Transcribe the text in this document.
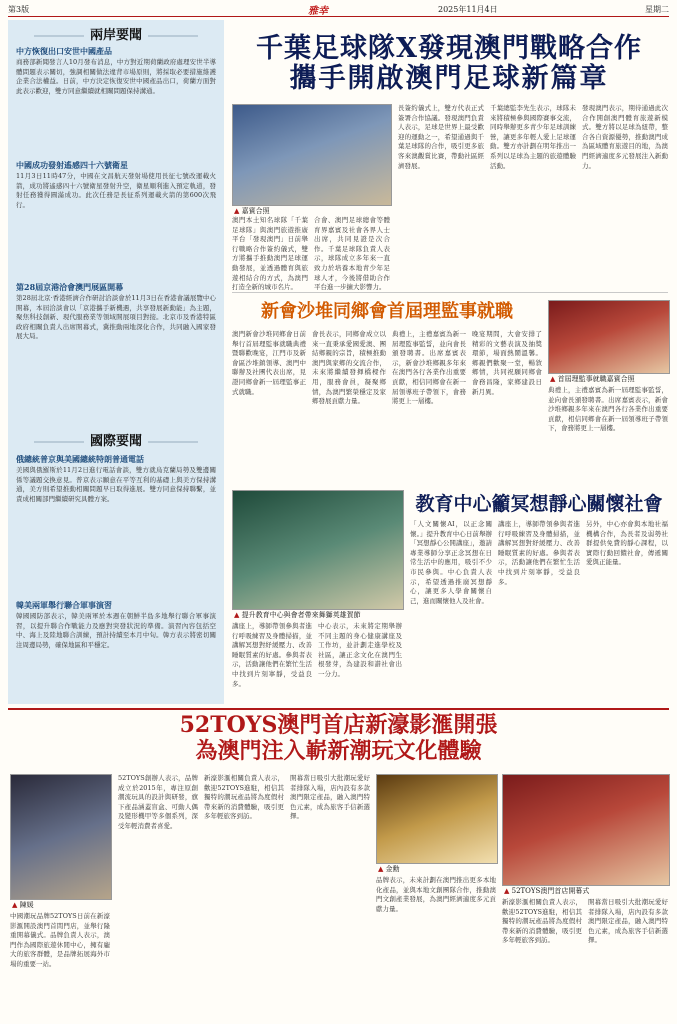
第3版	雅幸	2025年11月4日	星期二
兩岸要聞
中方恢復出口安世中國產品
商務部新聞發言人10月發布消息，中方對近期荷蘭政府處理安世半導體問題表示關切，強調相關做法違背市場原則，將採取必要措施維護企業合法權益。日前，中方決定恢復安世中國產品出口，荷蘭方面對此表示歡迎，雙方同意繼續就相關問題保持溝通。
中國成功發射遙感四十六號衛星
11月3日11時47分，中國在文昌航天發射場使用長征七號改運載火箭，成功將遙感四十六號衛星發射升空，衛星順利進入預定軌道，發射任務獲得圓滿成功。此次任務是長征系列運載火箭的第600次飛行。
第28屆京港洽會澳門展區開幕
第28屆北京·香港經濟合作研討洽談會於11月3日在香港會議展覽中心開幕，本屆洽談會以「京港攜手新機遇，共享發展新動能」為主題，聚焦科技創新、現代服務業等領域開展項目對接。北京市及香港特區政府相關負責人出席開幕式，冀推動兩地深化合作，共同融入國家發展大局。
國際要聞
俄總統普京與美國總統特朗普通電話
美國與俄羅斯於11月2日進行電話會談，雙方就烏克蘭局勢及雙邊關係等議題交換意見。普京表示願意在平等互利的基礎上與美方保持溝通，美方則希望推動相關問題早日取得進展。雙方同意保持聯繫，並責成相關部門繼續研究具體方案。
韓美兩軍舉行聯合軍事演習
韓國國防部表示，韓美兩軍於本週在朝鮮半島多地舉行聯合軍事演習，以提升聯合作戰能力及應對突發狀況的準備。演習內容包括空中、海上及陸地聯合訓練，預計持續至本月中旬。韓方表示將密切關注周邊局勢，確保地區和平穩定。
千葉足球隊X發現澳門戰略合作
攜手開啟澳門足球新篇章
▲ 嘉賓合照
澳門本土知名球隊「千葉足球隊」與澳門旅遊推廣平台「發現澳門」日前舉行戰略合作簽約儀式，雙方將攜手推動澳門足球運動發展，並透過體育與旅遊相結合的方式，為澳門打造全新的城市名片。
合會、澳門足球總會等體育界嘉賓及社會各界人士出席，共同見證是次合作。千葉足球隊負責人表示，球隊成立多年來一直致力於培養本地青少年足球人才，今後將借助合作平台進一步擴大影響力。
長簽約儀式上，雙方代表正式簽署合作協議。發現澳門負責人表示，足球是世界上最受歡迎的運動之一，希望通過與千葉足球隊的合作，吸引更多旅客來澳觀賞比賽，帶動社區經濟發展。
千葉總監李先生表示，球隊未來將積極參與國際賽事交流，同時舉辦更多青少年足球訓練營，讓更多年輕人愛上足球運動。雙方亦計劃在明年推出一系列以足球為主題的旅遊體驗活動。
發現澳門表示，期待通過此次合作開創澳門體育旅遊新模式。雙方將以足球為紐帶，整合各自資源優勢，推動澳門成為區域體育旅遊目的地，為澳門經濟適度多元發展注入新動力。
新會沙堆同鄉會首屆理監事就職
▲ 首屆理監事就職嘉賓合照
澳門新會沙堆同鄉會日前舉行首屆理監事就職典禮暨聯歡晚宴，江門市及新會區沙堆鎮領導、澳門中聯辦及社團代表出席，見證同鄉會新一屆理監事正式就職。
會長表示，同鄉會成立以來一直秉承愛國愛澳、團結鄉親的宗旨，積極推動澳門與家鄉的交流合作，未來將繼續發揮橋樑作用，服務會員，凝聚鄉情，為澳門繁榮穩定及家鄉發展貢獻力量。
典禮上，主禮嘉賓為新一屆理監事監誓，並向會長頒發聘書。出席嘉賓表示，新會沙堆鄉親多年來在澳門各行各業作出重要貢獻，相信同鄉會在新一屆領導班子帶領下，會務將更上一層樓。
晚宴期間，大會安排了精彩的文藝表演及抽獎環節，場面熱鬧溫馨。鄉親們歡聚一堂，暢敘鄉情，共同祝願同鄉會會務昌隆，家鄉建設日新月異。	典禮上，主禮嘉賓為新一屆理監事監誓，並向會長頒發聘書。出席嘉賓表示，新會沙堆鄉親多年來在澳門各行各業作出重要貢獻，相信同鄉會在新一屆領導班子帶領下，會務將更上一層樓。
▲ 提升教育中心與會者帶來舞獅英雄賀節
講座上，導師帶領參與者進行呼吸練習及身體掃描，並講解冥想對紓緩壓力、改善睡眠質素的好處。參與者表示，活動讓他們在繁忙生活中找到片刻寧靜，受益良多。
中心表示，未來將定期舉辦不同主題的身心健康講座及工作坊，並計劃走進學校及社區，讓正念文化在澳門生根發芽，為建設和諧社會出一分力。
教育中心籲冥想靜心關懷社會
「人文關懷AI，以正念關懷。」提升教育中心日前舉辦「冥想靜心公開講座」，邀請專業導師分享正念冥想在日常生活中的應用，吸引不少市民參與。中心負責人表示，希望透過推廣冥想靜心，讓更多人學會關懷自己，進而關懷他人及社會。
講座上，導師帶領參與者進行呼吸練習及身體掃描，並講解冥想對紓緩壓力、改善睡眠質素的好處。參與者表示，活動讓他們在繁忙生活中找到片刻寧靜，受益良多。
另外，中心亦會與本地社福機構合作，為長者及弱勢社群提供免費的靜心課程，以實際行動回饋社會，傳遞關愛與正能量。
52TOYS澳門首店新濠影滙開張
為澳門注入嶄新潮玩文化體驗
▲ 陳媛
中國潮玩品牌52TOYS日前在新濠影滙開設澳門首間門店，並舉行隆重開幕儀式。品牌負責人表示，澳門作為國際旅遊休閒中心，擁有龐大的旅客群體，是品牌拓展海外市場的重要一站。
52TOYS創辦人表示，品牌成立於2015年，專注原創潮流玩具的設計與研發，旗下產品涵蓋盲盒、可動人偶及變形機甲等多個系列，深受年輕消費者喜愛。
新濠影滙相關負責人表示，歡迎52TOYS進駐，相信其獨特的潮玩產品將為度假村帶來新的消費體驗，吸引更多年輕旅客到訪。
開幕當日吸引大批潮玩愛好者排隊入場，店內設有多款澳門限定產品，融入澳門特色元素，成為旅客手信新選擇。
▲ 金勳
品牌表示，未來計劃在澳門推出更多本地化產品，並與本地文創團隊合作，推動澳門文創產業發展，為澳門經濟適度多元貢獻力量。
▲ 52TOYS澳門首店開幕式
新濠影滙相關負責人表示，歡迎52TOYS進駐，相信其獨特的潮玩產品將為度假村帶來新的消費體驗，吸引更多年輕旅客到訪。
開幕當日吸引大批潮玩愛好者排隊入場，店內設有多款澳門限定產品，融入澳門特色元素，成為旅客手信新選擇。
